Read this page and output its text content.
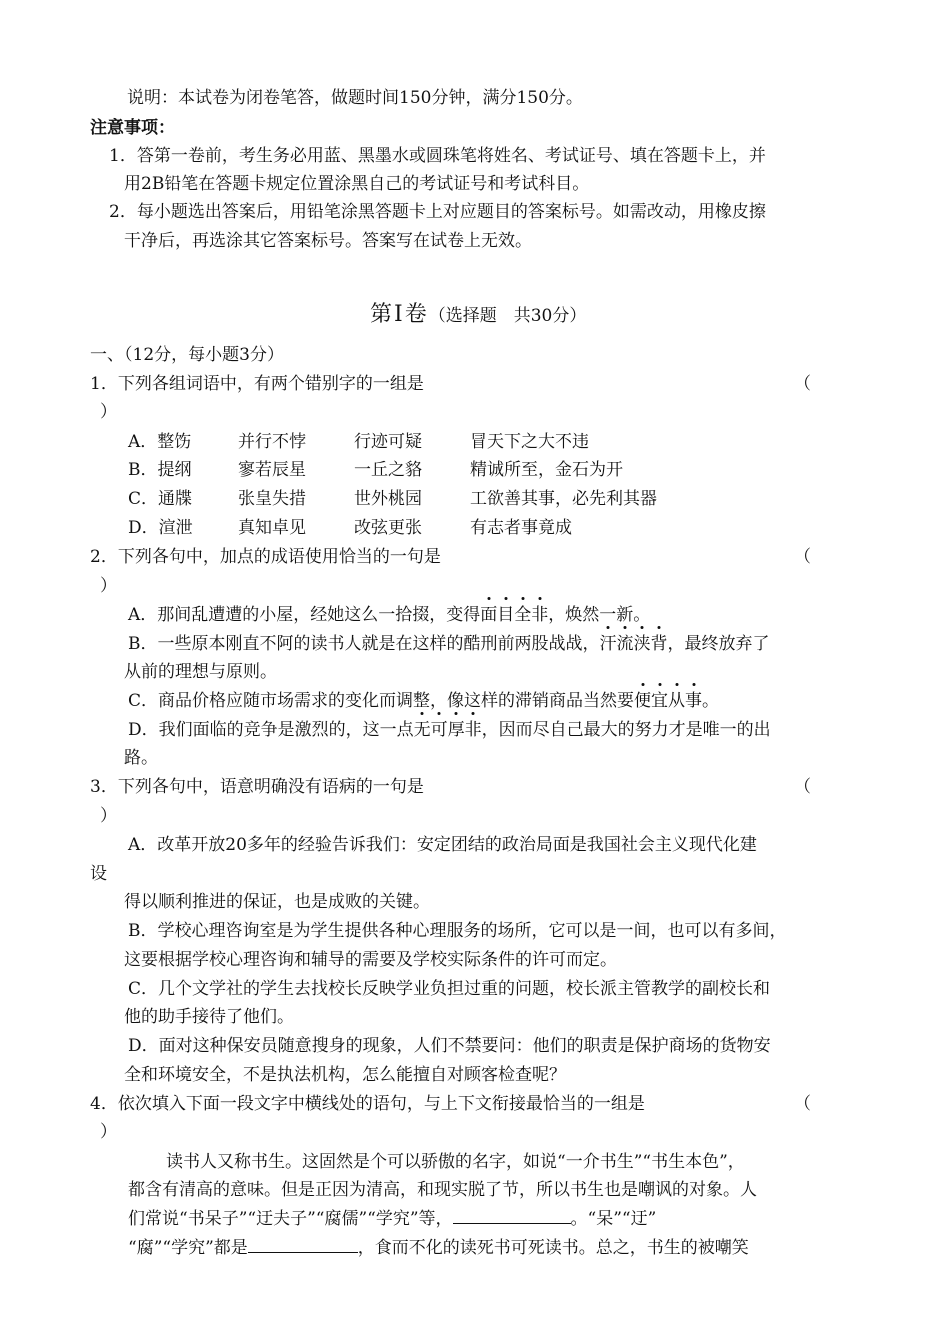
说明：本试卷为闭卷笔答，做题时间150分钟，满分150分。
注意事项：
1．答第一卷前，考生务必用蓝、黑墨水或圆珠笔将姓名、考试证号、填在答题卡上，并
用2B铅笔在答题卡规定位置涂黑自己的考试证号和考试科目。
2．每小题选出答案后，用铅笔涂黑答题卡上对应题目的答案标号。如需改动，用橡皮擦
干净后，再选涂其它答案标号。答案写在试卷上无效。
第Ⅰ卷（选择题　共30分）
一、（12分，每小题3分）
1．下列各组词语中，有两个错别字的一组是	（
）
A．整饬	并行不悖	行迹可疑	冒天下之大不违
B．提纲	寥若辰星	一丘之貉	精诚所至，金石为开
C．通牒	张皇失措	世外桃园	工欲善其事，必先利其器
D．渲泄	真知卓见	改弦更张	有志者事竟成
2．下列各句中，加点的成语使用恰当的一句是	（
）
A．那间乱遭遭的小屋，经她这么一拾掇，变得面目全非，焕然一新。
B．一些原本刚直不阿的读书人就是在这样的酷刑前两股战战，汗流浃背，最终放弃了
从前的理想与原则。
C．商品价格应随市场需求的变化而调整，像这样的滞销商品当然要便宜从事。
D．我们面临的竞争是激烈的，这一点无可厚非，因而尽自己最大的努力才是唯一的出
路。
3．下列各句中，语意明确没有语病的一句是	（
）
A．改革开放20多年的经验告诉我们：安定团结的政治局面是我国社会主义现代化建
设
得以顺利推进的保证，也是成败的关键。
B．学校心理咨询室是为学生提供各种心理服务的场所，它可以是一间，也可以有多间，
这要根据学校心理咨询和辅导的需要及学校实际条件的许可而定。
C．几个文学社的学生去找校长反映学业负担过重的问题，校长派主管教学的副校长和
他的助手接待了他们。
D．面对这种保安员随意搜身的现象，人们不禁要问：他们的职责是保护商场的货物安
全和环境安全，不是执法机构，怎么能擅自对顾客检查呢？
4．依次填入下面一段文字中横线处的语句，与上下文衔接最恰当的一组是	（
）
读书人又称书生。这固然是个可以骄傲的名字，如说“一介书生”“书生本色”，
都含有清高的意味。但是正因为清高，和现实脱了节，所以书生也是嘲讽的对象。人
们常说“书呆子”“迂夫子”“腐儒”“学究”等，	。“呆”“迂”
“腐”“学究”都是	，食而不化的读死书可死读书。总之，书生的被嘲笑
